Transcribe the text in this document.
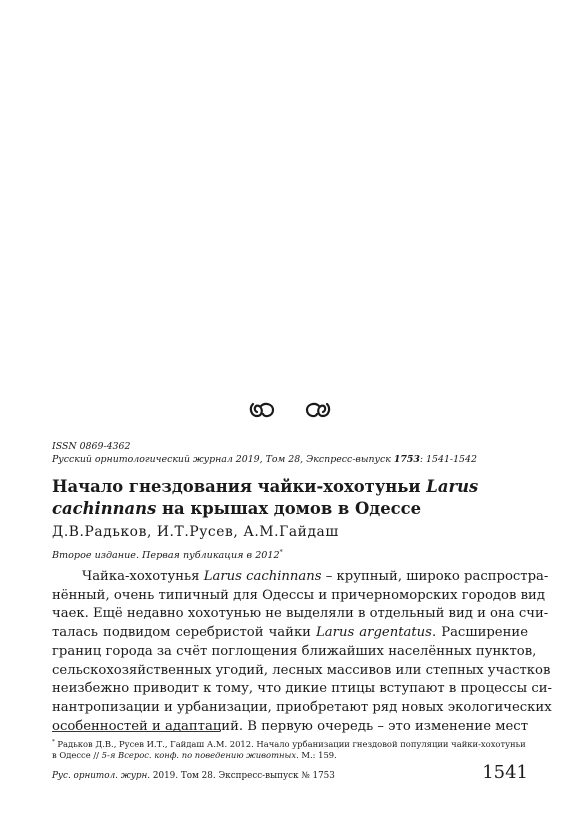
ISSN 0869-4362
Русский орнитологический журнал 2019, Том 28, Экспресс-выпуск 1753: 1541-1542
Начало гнездования чайки-хохотуньи Larus cachinnans на крышах домов в Одессе
Д.В.Радьков, И.Т.Русев, А.М.Гайдаш
Второе издание. Первая публикация в 2012*
Чайка-хохотунья Larus cachinnans – крупный, широко распростра-
нённый, очень типичный для Одессы и причерноморских городов вид
чаек. Ещё недавно хохотунью не выделяли в отдельный вид и она счи-
талась подвидом серебристой чайки Larus argentatus. Расширение
границ города за счёт поглощения ближайших населённых пунктов,
сельскохозяйственных угодий, лесных массивов или степных участков
неизбежно приводит к тому, что дикие птицы вступают в процессы си-
нантропизации и урбанизации, приобретают ряд новых экологических
особенностей и адаптаций. В первую очередь – это изменение мест
* Радьков Д.В., Русев И.Т., Гайдаш А.М. 2012. Начало урбанизации гнездовой популяции чайки-хохотуньи
в Одессе // 5-я Всерос. конф. по поведению животных. М.: 159.
Рус. орнитол. журн. 2019. Том 28. Экспресс-выпуск № 1753	1541
